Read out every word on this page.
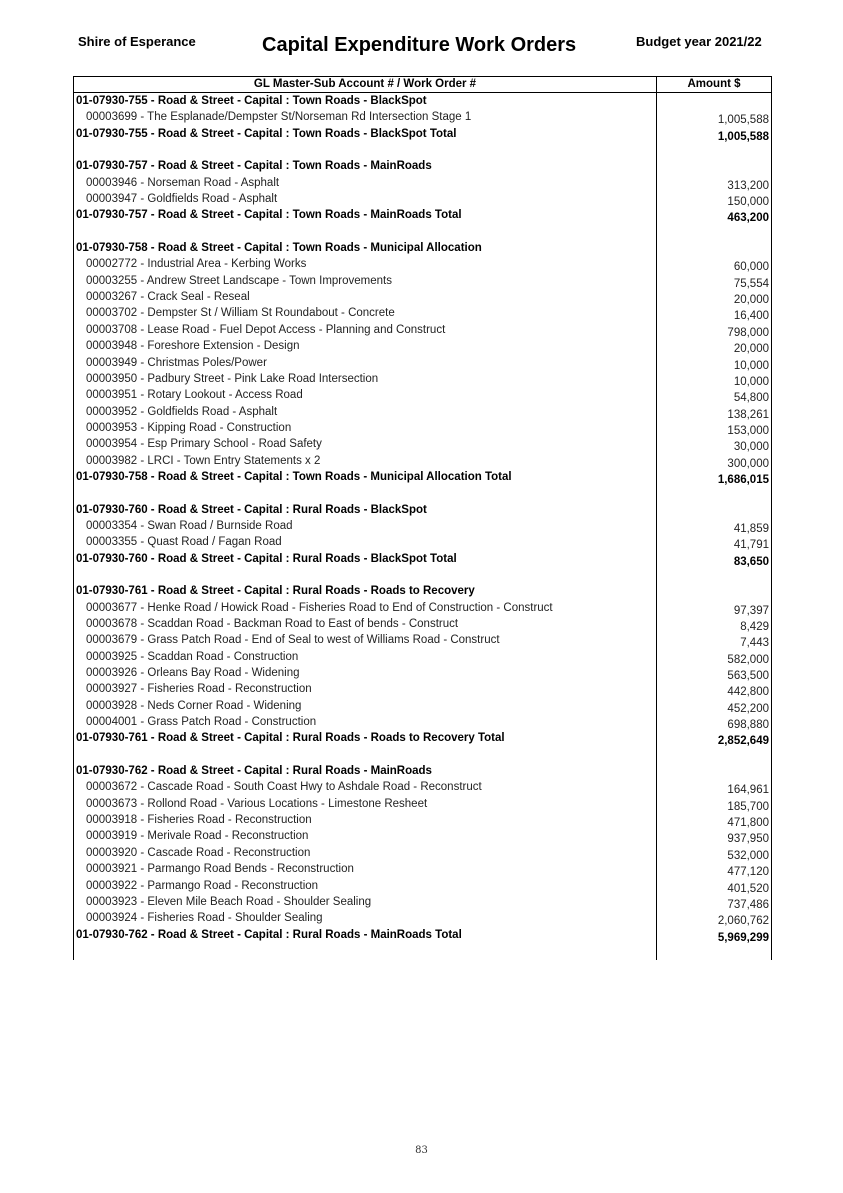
Shire of Esperance	Capital Expenditure Work Orders	Budget year 2021/22
GL Master-Sub Account # / Work Order #	Amount $
01-07930-755 - Road & Street - Capital : Town Roads - BlackSpot
00003699 - The Esplanade/Dempster St/Norseman Rd Intersection Stage 1	1,005,588
01-07930-755 - Road & Street - Capital : Town Roads - BlackSpot Total	1,005,588
01-07930-757 - Road & Street - Capital : Town Roads - MainRoads
00003946 - Norseman Road - Asphalt	313,200
00003947 - Goldfields Road - Asphalt	150,000
01-07930-757 - Road & Street - Capital : Town Roads - MainRoads Total	463,200
01-07930-758 - Road & Street - Capital : Town Roads - Municipal Allocation
00002772 - Industrial Area - Kerbing Works	60,000
00003255 - Andrew Street Landscape - Town Improvements	75,554
00003267 - Crack Seal - Reseal	20,000
00003702 - Dempster St / William St Roundabout - Concrete	16,400
00003708 - Lease Road - Fuel Depot Access - Planning and Construct	798,000
00003948 - Foreshore Extension - Design	20,000
00003949 - Christmas Poles/Power	10,000
00003950 - Padbury Street - Pink Lake Road Intersection	10,000
00003951 - Rotary Lookout - Access Road	54,800
00003952 - Goldfields Road - Asphalt	138,261
00003953 - Kipping Road - Construction	153,000
00003954 - Esp Primary School - Road Safety	30,000
00003982 - LRCI - Town Entry Statements x 2	300,000
01-07930-758 - Road & Street - Capital : Town Roads - Municipal Allocation Total	1,686,015
01-07930-760 - Road & Street - Capital : Rural Roads - BlackSpot
00003354 - Swan Road / Burnside Road	41,859
00003355 - Quast Road / Fagan Road	41,791
01-07930-760 - Road & Street - Capital : Rural Roads - BlackSpot Total	83,650
01-07930-761 - Road & Street - Capital : Rural Roads - Roads to Recovery
00003677 - Henke Road / Howick Road - Fisheries Road to End of Construction - Construct	97,397
00003678 - Scaddan Road - Backman Road to East of bends - Construct	8,429
00003679 - Grass Patch Road - End of Seal to west of Williams Road - Construct	7,443
00003925 - Scaddan Road - Construction	582,000
00003926 - Orleans Bay Road - Widening	563,500
00003927 - Fisheries Road - Reconstruction	442,800
00003928 - Neds Corner Road - Widening	452,200
00004001 - Grass Patch Road - Construction	698,880
01-07930-761 - Road & Street - Capital : Rural Roads - Roads to Recovery Total	2,852,649
01-07930-762 - Road & Street - Capital : Rural Roads - MainRoads
00003672 - Cascade Road - South Coast Hwy to Ashdale Road - Reconstruct	164,961
00003673 - Rollond Road - Various Locations - Limestone Resheet	185,700
00003918 - Fisheries Road - Reconstruction	471,800
00003919 - Merivale Road - Reconstruction	937,950
00003920 - Cascade Road - Reconstruction	532,000
00003921 - Parmango Road Bends - Reconstruction	477,120
00003922 - Parmango Road - Reconstruction	401,520
00003923 - Eleven Mile Beach Road - Shoulder Sealing	737,486
00003924 - Fisheries Road - Shoulder Sealing	2,060,762
01-07930-762 - Road & Street - Capital : Rural Roads - MainRoads Total	5,969,299
83
